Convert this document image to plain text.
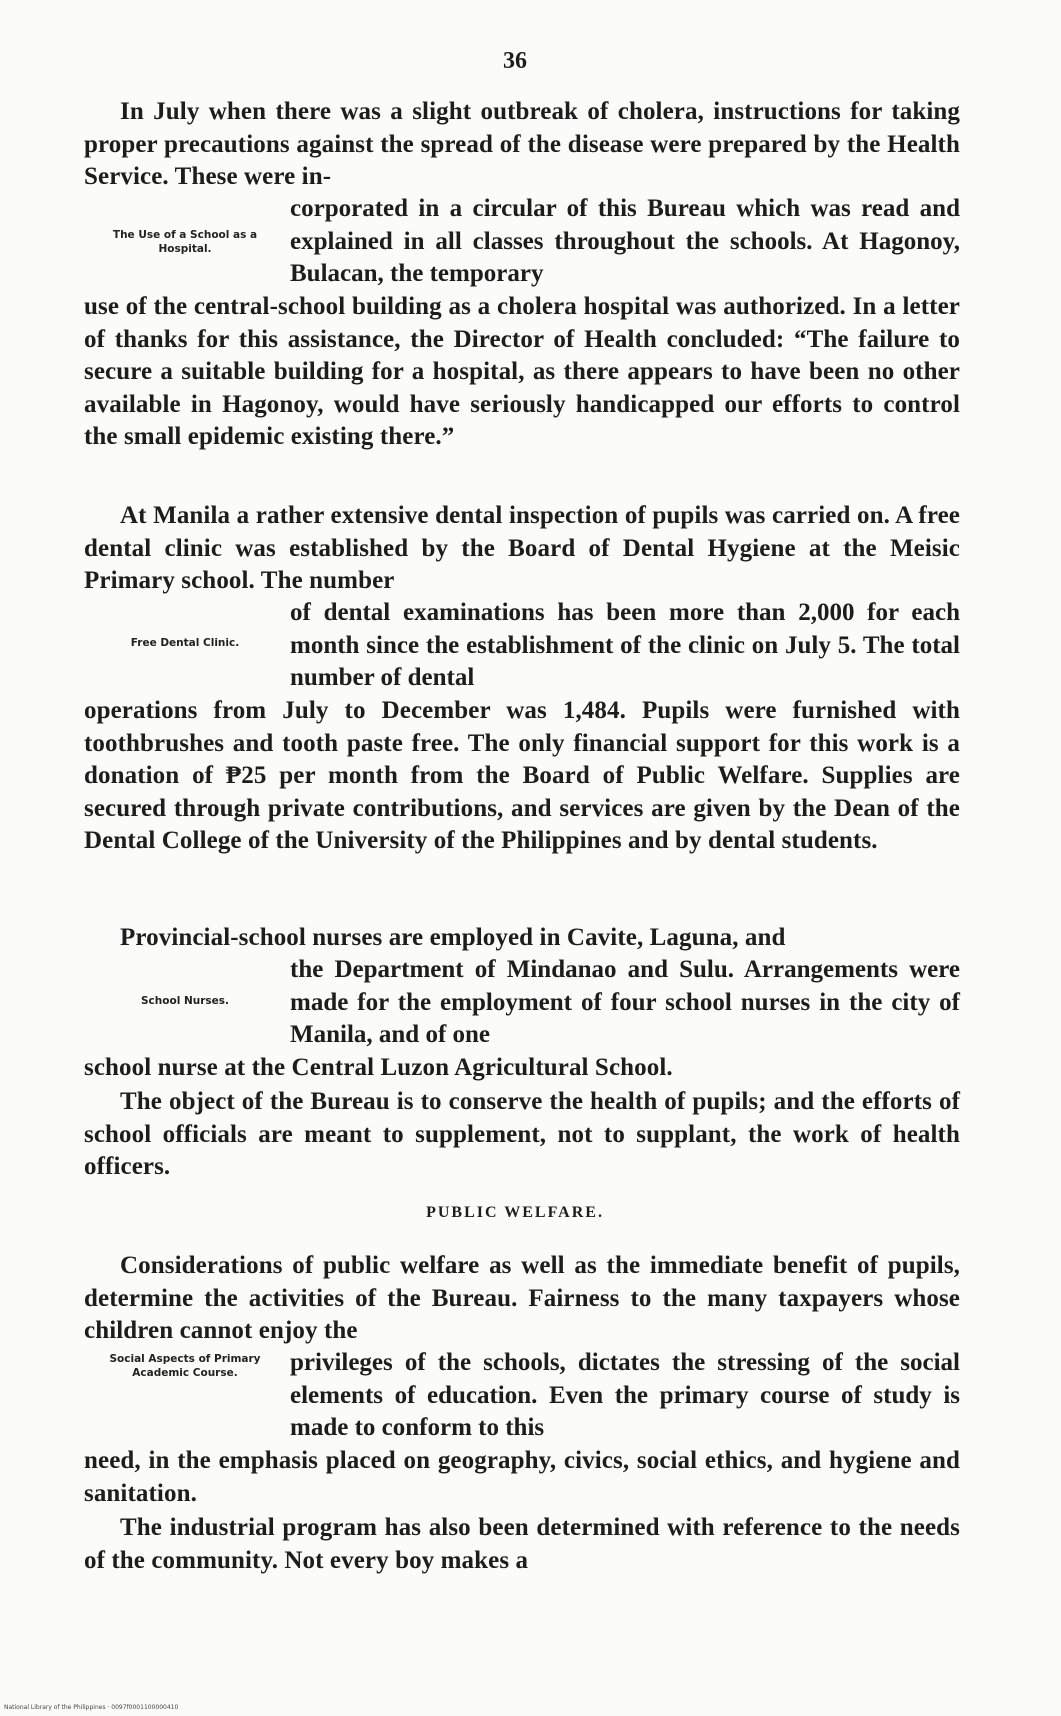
36

In July when there was a slight outbreak of cholera, instructions for taking proper precautions against the spread of the disease were prepared by the Health Service. These were in-

The Use of a School as a Hospital.

corporated in a circular of this Bureau which was read and explained in all classes throughout the schools. At Hagonoy, Bulacan, the temporary

use of the central-school building as a cholera hospital was authorized. In a letter of thanks for this assistance, the Director of Health concluded: “The failure to secure a suitable building for a hospital, as there appears to have been no other available in Hagonoy, would have seriously handicapped our efforts to control the small epidemic existing there.”

At Manila a rather extensive dental inspection of pupils was carried on. A free dental clinic was established by the Board of Dental Hygiene at the Meisic Primary school. The number

Free Dental Clinic.

of dental examinations has been more than 2,000 for each month since the establishment of the clinic on July 5. The total number of dental

operations from July to December was 1,484. Pupils were furnished with toothbrushes and tooth paste free. The only financial support for this work is a donation of ₱25 per month from the Board of Public Welfare. Supplies are secured through private contributions, and services are given by the Dean of the Dental College of the University of the Philippines and by dental students.

Provincial-school nurses are employed in Cavite, Laguna, and

School Nurses.

the Department of Mindanao and Sulu. Arrangements were made for the employment of four school nurses in the city of Manila, and of one

school nurse at the Central Luzon Agricultural School.

The object of the Bureau is to conserve the health of pupils; and the efforts of school officials are meant to supplement, not to supplant, the work of health officers.

PUBLIC WELFARE.

Considerations of public welfare as well as the immediate benefit of pupils, determine the activities of the Bureau. Fairness to the many taxpayers whose children cannot enjoy the

Social Aspects of Primary Academic Course.	privileges of the schools, dictates the stressing of the social elements of education. Even the primary course of study is made to conform to this

need, in the emphasis placed on geography, civics, social ethics, and hygiene and sanitation.

The industrial program has also been determined with reference to the needs of the community. Not every boy makes a

National Library of the Philippines · 0097f0001100000410
